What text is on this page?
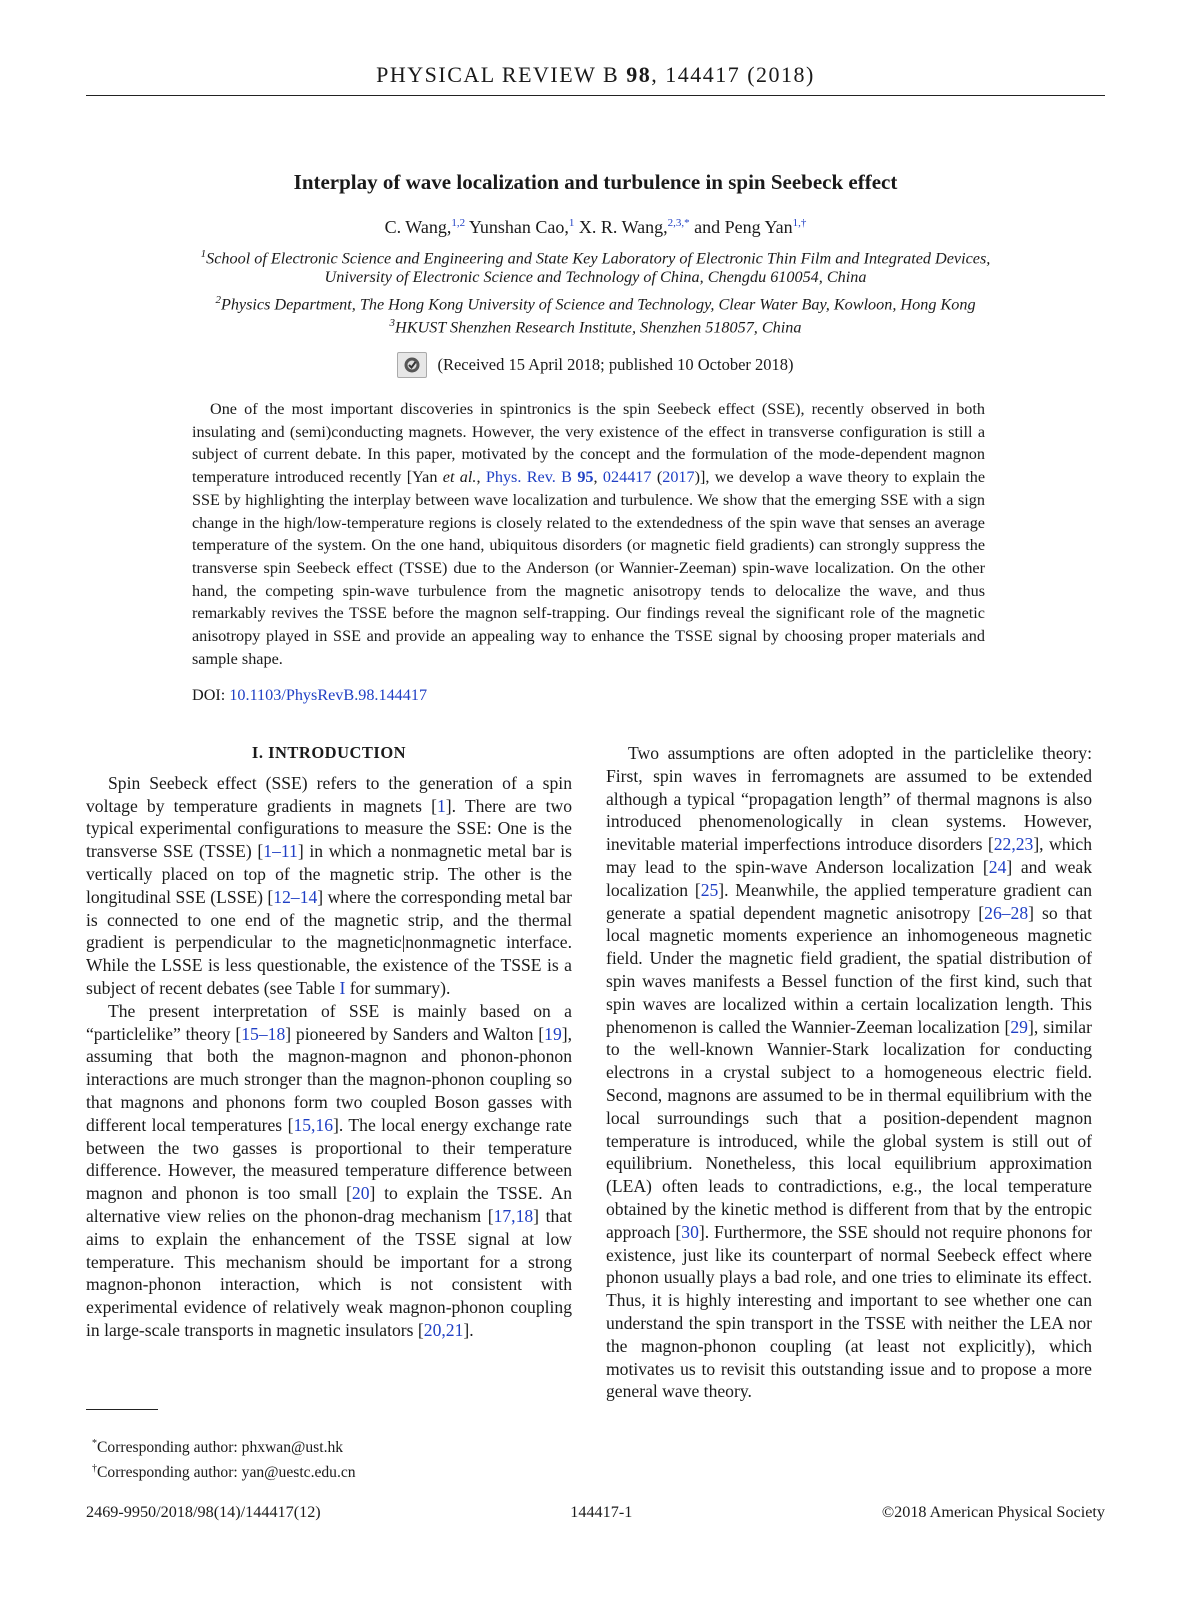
PHYSICAL REVIEW B 98, 144417 (2018)
Interplay of wave localization and turbulence in spin Seebeck effect
C. Wang,$^{1,2}$ Yunshan Cao,$^1$ X. R. Wang,$^{2,3,*}$ and Peng Yan$^{1,\dagger}$
$^1$School of Electronic Science and Engineering and State Key Laboratory of Electronic Thin Film and Integrated Devices,
University of Electronic Science and Technology of China, Chengdu 610054, China
$^2$Physics Department, The Hong Kong University of Science and Technology, Clear Water Bay, Kowloon, Hong Kong
$^3$HKUST Shenzhen Research Institute, Shenzhen 518057, China
(Received 15 April 2018; published 10 October 2018)
One of the most important discoveries in spintronics is the spin Seebeck effect (SSE), recently observed in both insulating and (semi)conducting magnets. However, the very existence of the effect in transverse configuration is still a subject of current debate. In this paper, motivated by the concept and the formulation of the mode-dependent magnon temperature introduced recently [Yan et al., Phys. Rev. B 95, 024417 (2017)], we develop a wave theory to explain the SSE by highlighting the interplay between wave localization and turbulence. We show that the emerging SSE with a sign change in the high/low-temperature regions is closely related to the extendedness of the spin wave that senses an average temperature of the system. On the one hand, ubiquitous disorders (or magnetic field gradients) can strongly suppress the transverse spin Seebeck effect (TSSE) due to the Anderson (or Wannier-Zeeman) spin-wave localization. On the other hand, the competing spin-wave turbulence from the magnetic anisotropy tends to delocalize the wave, and thus remarkably revives the TSSE before the magnon self-trapping. Our findings reveal the significant role of the magnetic anisotropy played in SSE and provide an appealing way to enhance the TSSE signal by choosing proper materials and sample shape.
DOI: 10.1103/PhysRevB.98.144417
I. INTRODUCTION

Spin Seebeck effect (SSE) refers to the generation of a spin voltage by temperature gradients in magnets [1]. There are two typical experimental configurations to measure the SSE: One is the transverse SSE (TSSE) [1–11] in which a nonmagnetic metal bar is vertically placed on top of the magnetic strip. The other is the longitudinal SSE (LSSE) [12–14] where the corresponding metal bar is connected to one end of the magnetic strip, and the thermal gradient is perpendicular to the magnetic|nonmagnetic interface. While the LSSE is less questionable, the existence of the TSSE is a subject of recent debates (see Table I for summary).

The present interpretation of SSE is mainly based on a “particlelike” theory [15–18] pioneered by Sanders and Walton [19], assuming that both the magnon-magnon and phonon-phonon interactions are much stronger than the magnon-phonon coupling so that magnons and phonons form two coupled Boson gasses with different local temperatures [15,16]. The local energy exchange rate between the two gasses is proportional to their temperature difference. However, the measured temperature difference between magnon and phonon is too small [20] to explain the TSSE. An alternative view relies on the phonon-drag mechanism [17,18] that aims to explain the enhancement of the TSSE signal at low temperature. This mechanism should be important for a strong magnon-phonon interaction, which is not consistent with experimental evidence of relatively weak magnon-phonon coupling in large-scale transports in magnetic insulators [20,21].

Two assumptions are often adopted in the particlelike theory: First, spin waves in ferromagnets are assumed to be extended although a typical “propagation length” of thermal magnons is also introduced phenomenologically in clean systems. However, inevitable material imperfections introduce disorders [22,23], which may lead to the spin-wave Anderson localization [24] and weak localization [25]. Meanwhile, the applied temperature gradient can generate a spatial dependent magnetic anisotropy [26–28] so that local magnetic moments experience an inhomogeneous magnetic field. Under the magnetic field gradient, the spatial distribution of spin waves manifests a Bessel function of the first kind, such that spin waves are localized within a certain localization length. This phenomenon is called the Wannier-Zeeman localization [29], similar to the well-known Wannier-Stark localization for conducting electrons in a crystal subject to a homogeneous electric field. Second, magnons are assumed to be in thermal equilibrium with the local surroundings such that a position-dependent magnon temperature is introduced, while the global system is still out of equilibrium. Nonetheless, this local equilibrium approximation (LEA) often leads to contradictions, e.g., the local temperature obtained by the kinetic method is different from that by the entropic approach [30]. Furthermore, the SSE should not require phonons for existence, just like its counterpart of normal Seebeck effect where phonon usually plays a bad role, and one tries to eliminate its effect. Thus, it is highly interesting and important to see whether one can understand the spin transport in the TSSE with neither the LEA nor the magnon-phonon coupling (at least not explicitly), which motivates us to revisit this outstanding issue and to propose a more general wave theory.

*Corresponding author: phxwan@ust.hk
†Corresponding author: yan@uestc.edu.cn
2469-9950/2018/98(14)/144417(12)	144417-1	©2018 American Physical Society
